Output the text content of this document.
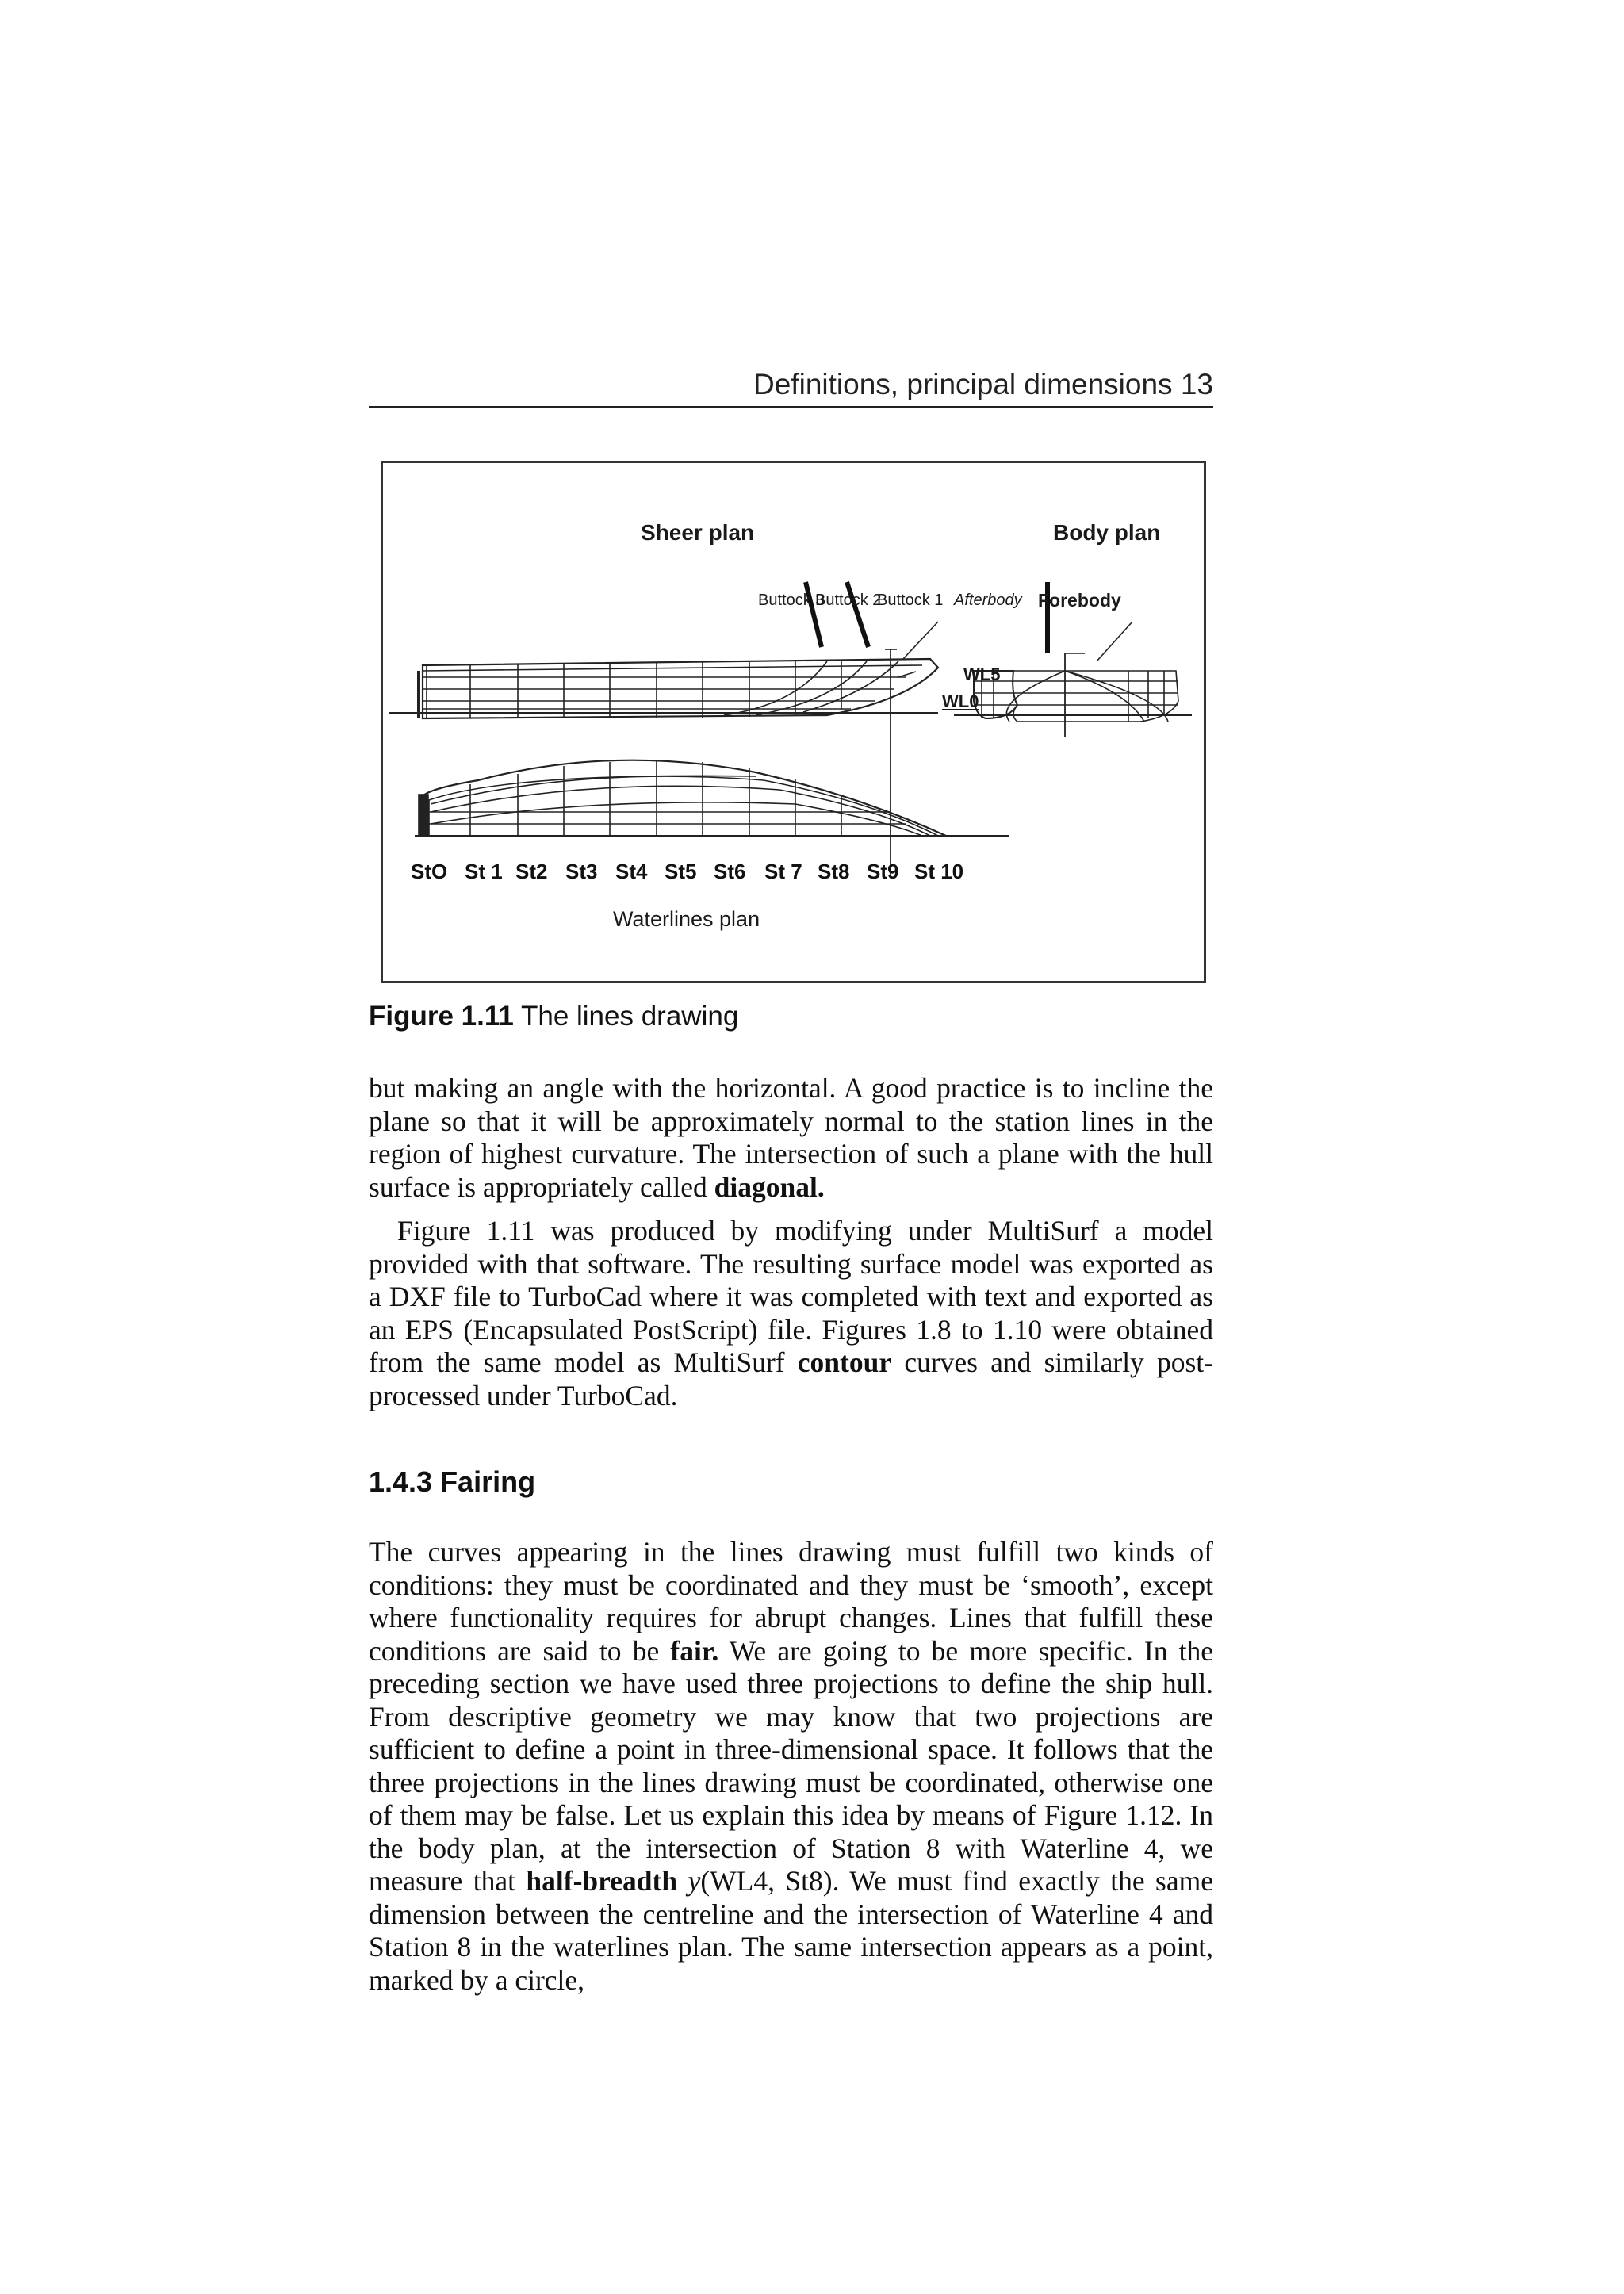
Definitions, principal dimensions 13
Sheer plan	Body plan
Buttock 3
Buttock 2
Buttock 1 Afterbody Forebody
WL5
WL0
StO St 1 St2 St3 St4 St5 St6 St 7 St8 St9 St 10
Waterlines plan
Figure 1.11 The lines drawing

but making an angle with the horizontal. A good practice is to incline the plane so that it will be approximately normal to the station lines in the region of highest curvature. The intersection of such a plane with the hull surface is appropriately called diagonal.

Figure 1.11 was produced by modifying under MultiSurf a model provided with that software. The resulting surface model was exported as a DXF file to TurboCad where it was completed with text and exported as an EPS (Encapsulated PostScript) file. Figures 1.8 to 1.10 were obtained from the same model as MultiSurf contour curves and similarly post-processed under TurboCad.

1.4.3 Fairing

The curves appearing in the lines drawing must fulfill two kinds of conditions: they must be coordinated and they must be ‘smooth’, except where functionality requires for abrupt changes. Lines that fulfill these conditions are said to be fair. We are going to be more specific. In the preceding section we have used three projections to define the ship hull. From descriptive geometry we may know that two projections are sufficient to define a point in three-dimensional space. It follows that the three projections in the lines drawing must be coordinated, otherwise one of them may be false. Let us explain this idea by means of Figure 1.12. In the body plan, at the intersection of Station 8 with Waterline 4, we measure that half-breadth y(WL4, St8). We must find exactly the same dimension between the centreline and the intersection of Waterline 4 and Station 8 in the waterlines plan. The same intersection appears as a point, marked by a circle,
